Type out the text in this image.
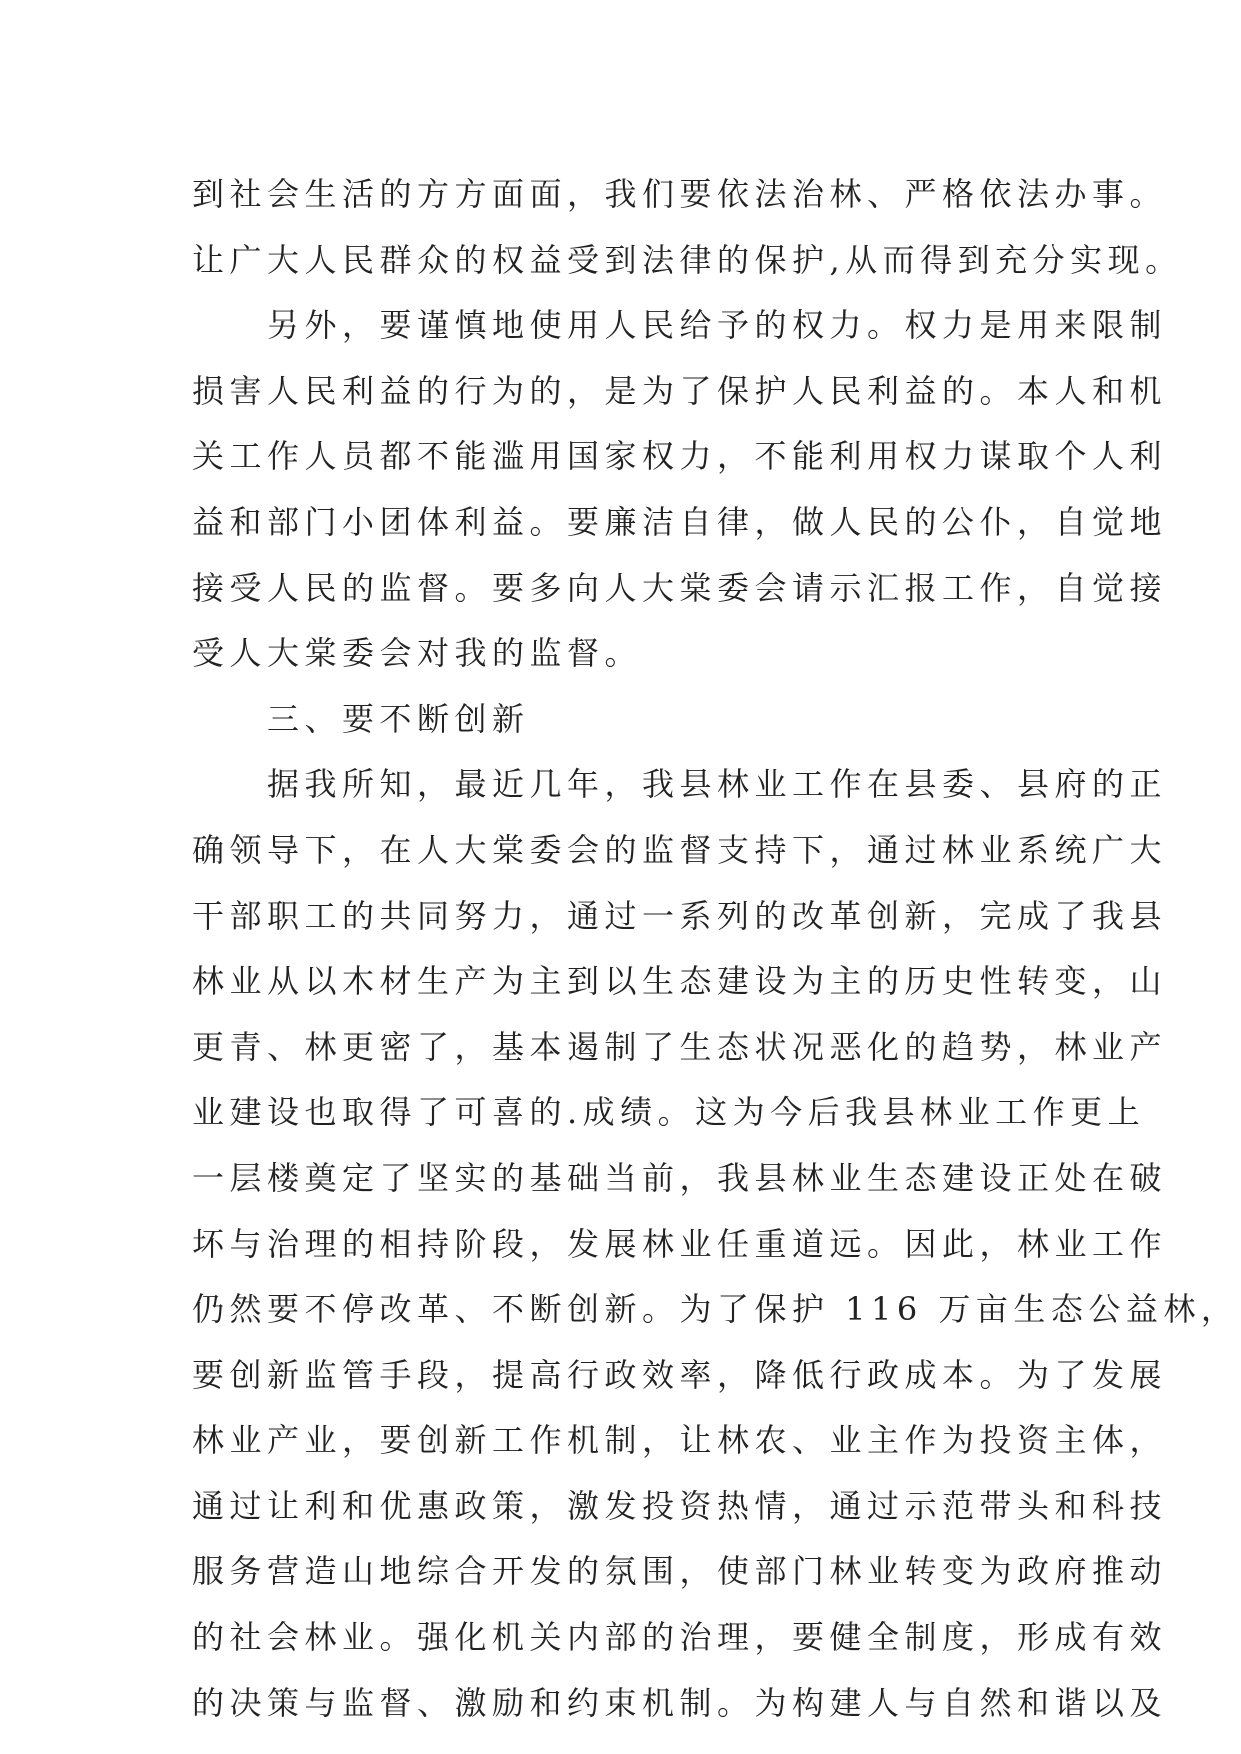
到社会生活的方方面面，我们要依法治林、严格依法办事。
让广大人民群众的权益受到法律的保护,从而得到充分实现。
　　另外，要谨慎地使用人民给予的权力。权力是用来限制
损害人民利益的行为的，是为了保护人民利益的。本人和机
关工作人员都不能滥用国家权力，不能利用权力谋取个人利
益和部门小团体利益。要廉洁自律，做人民的公仆，自觉地
接受人民的监督。要多向人大棠委会请示汇报工作，自觉接
受人大棠委会对我的监督。
　　三、要不断创新
　　据我所知，最近几年，我县林业工作在县委、县府的正
确领导下，在人大棠委会的监督支持下，通过林业系统广大
干部职工的共同努力，通过一系列的改革创新，完成了我县
林业从以木材生产为主到以生态建设为主的历史性转变，山
更青、林更密了，基本遏制了生态状况恶化的趋势，林业产
业建设也取得了可喜的.成绩。这为今后我县林业工作更上
一层楼奠定了坚实的基础当前，我县林业生态建设正处在破
坏与治理的相持阶段，发展林业任重道远。因此，林业工作
仍然要不停改革、不断创新。为了保护 116 万亩生态公益林，
要创新监管手段，提高行政效率，降低行政成本。为了发展
林业产业，要创新工作机制，让林农、业主作为投资主体，
通过让利和优惠政策，激发投资热情，通过示范带头和科技
服务营造山地综合开发的氛围，使部门林业转变为政府推动
的社会林业。强化机关内部的治理，要健全制度，形成有效
的决策与监督、激励和约束机制。为构建人与自然和谐以及
